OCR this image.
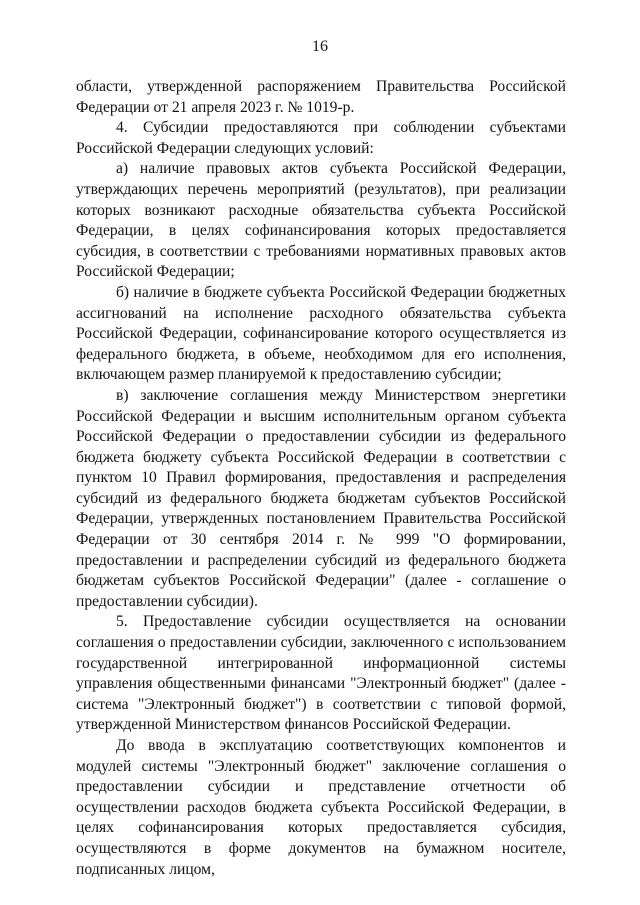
16

области, утвержденной распоряжением Правительства Российской Федерации от 21 апреля 2023 г. № 1019-р.

4. Субсидии предоставляются при соблюдении субъектами Российской Федерации следующих условий:

а) наличие правовых актов субъекта Российской Федерации, утверждающих перечень мероприятий (результатов), при реализации которых возникают расходные обязательства субъекта Российской Федерации, в целях софинансирования которых предоставляется субсидия, в соответствии с требованиями нормативных правовых актов Российской Федерации;

б) наличие в бюджете субъекта Российской Федерации бюджетных ассигнований на исполнение расходного обязательства субъекта Российской Федерации, софинансирование которого осуществляется из федерального бюджета, в объеме, необходимом для его исполнения, включающем размер планируемой к предоставлению субсидии;

в) заключение соглашения между Министерством энергетики Российской Федерации и высшим исполнительным органом субъекта Российской Федерации о предоставлении субсидии из федерального бюджета бюджету субъекта Российской Федерации в соответствии с пунктом 10 Правил формирования, предоставления и распределения субсидий из федерального бюджета бюджетам субъектов Российской Федерации, утвержденных постановлением Правительства Российской Федерации от 30 сентября 2014 г. № 999 "О формировании, предоставлении и распределении субсидий из федерального бюджета бюджетам субъектов Российской Федерации" (далее - соглашение о предоставлении субсидии).

5. Предоставление субсидии осуществляется на основании соглашения о предоставлении субсидии, заключенного с использованием государственной интегрированной информационной системы управления общественными финансами "Электронный бюджет" (далее - система "Электронный бюджет") в соответствии с типовой формой, утвержденной Министерством финансов Российской Федерации.

До ввода в эксплуатацию соответствующих компонентов и модулей системы "Электронный бюджет" заключение соглашения о предоставлении субсидии и представление отчетности об осуществлении расходов бюджета субъекта Российской Федерации, в целях софинансирования которых предоставляется субсидия, осуществляются в форме документов на бумажном носителе, подписанных лицом,
